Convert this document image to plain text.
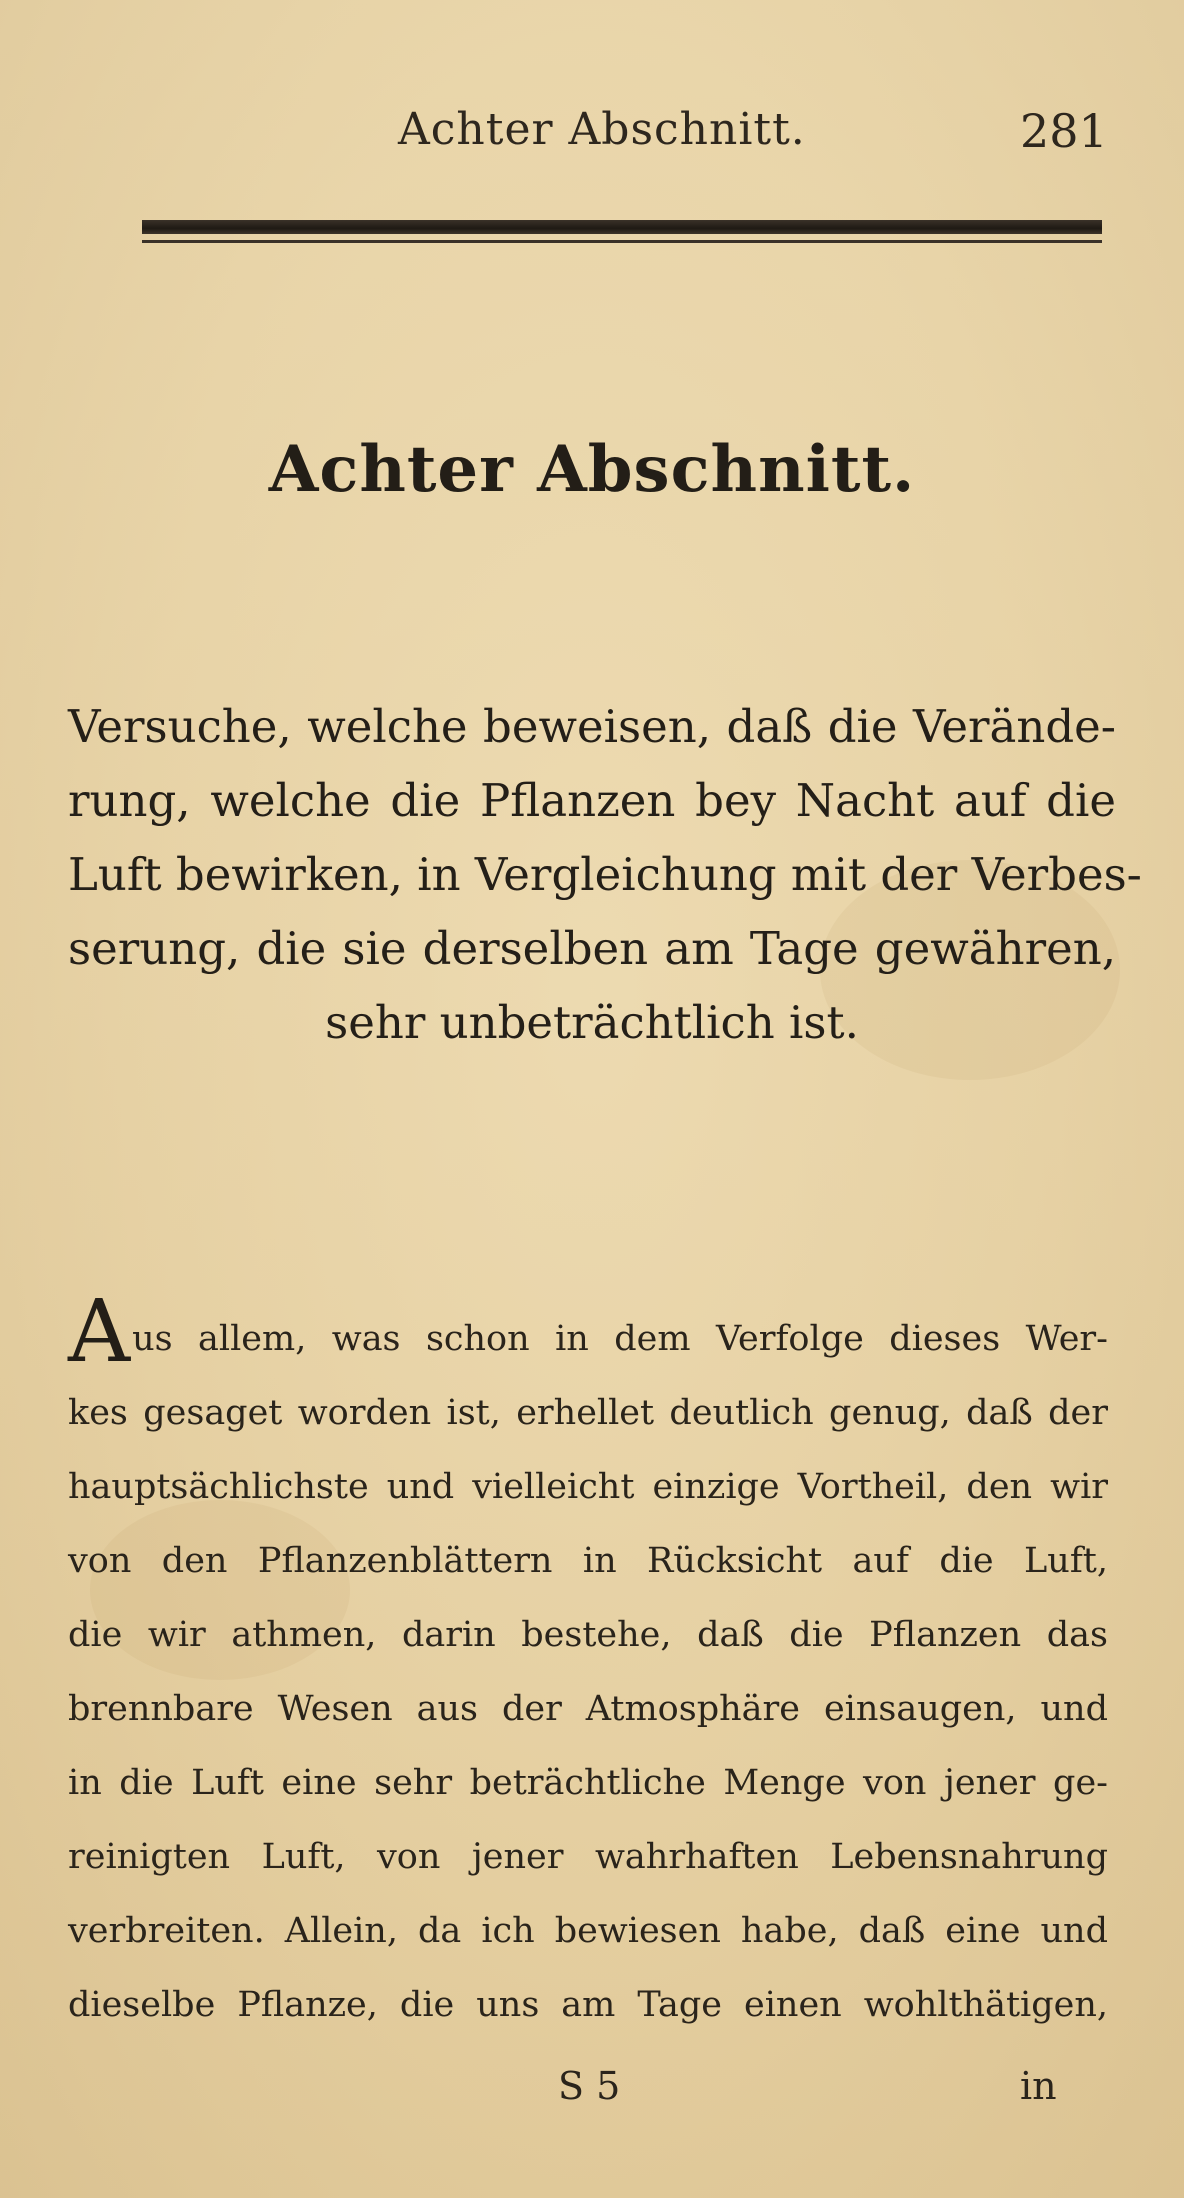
Achter Abschnitt.	281
Achter Abschnitt.
Versuche, welche beweisen, daß die Verände-
rung, welche die Pflanzen bey Nacht auf die
Luft bewirken, in Vergleichung mit der Verbes-
serung, die sie derselben am Tage gewähren,
sehr unbeträchtlich ist.
Aus allem, was schon in dem Verfolge dieses Wer-
kes gesaget worden ist, erhellet deutlich genug, daß der
hauptsächlichste und vielleicht einzige Vortheil, den wir
von den Pflanzenblättern in Rücksicht auf die Luft,
die wir athmen, darin bestehe, daß die Pflanzen das
brennbare Wesen aus der Atmosphäre einsaugen, und
in die Luft eine sehr beträchtliche Menge von jener ge-
reinigten Luft, von jener wahrhaften Lebensnahrung
verbreiten. Allein, da ich bewiesen habe, daß eine und
dieselbe Pflanze, die uns am Tage einen wohlthätigen,
S 5	in
